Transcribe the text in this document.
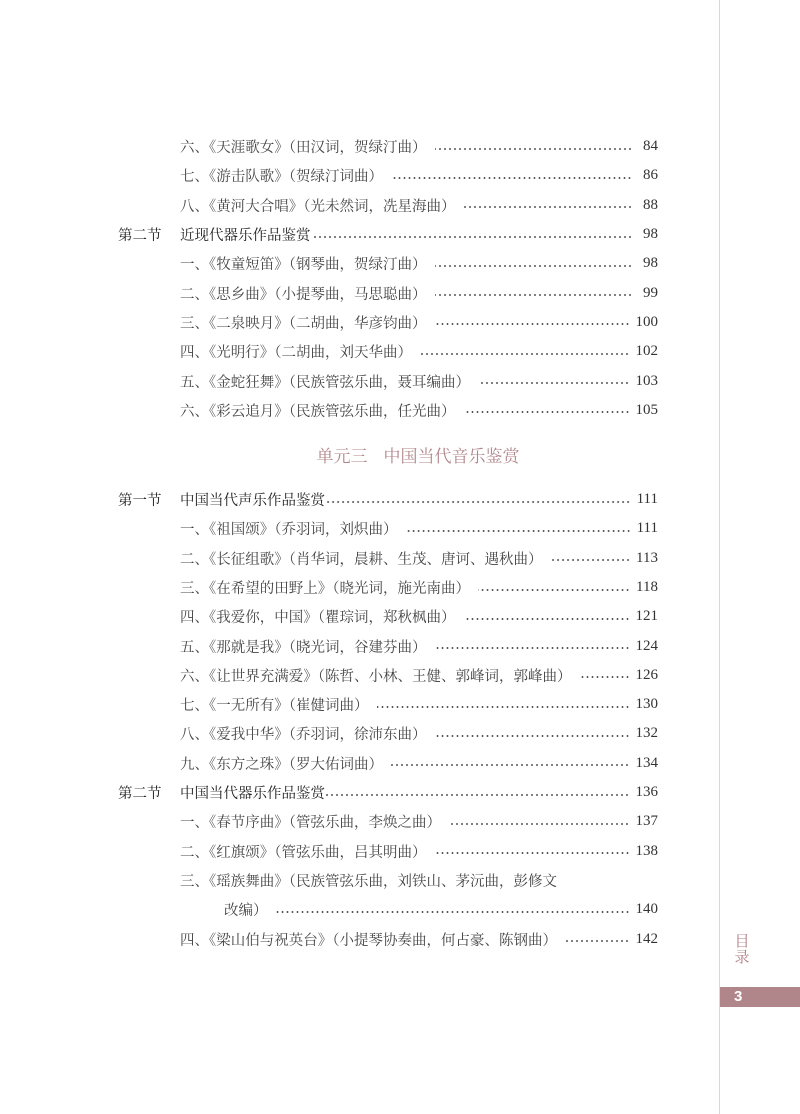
目录
3
六、《天涯歌女》（田汉词，贺绿汀曲）	84
七、《游击队歌》（贺绿汀词曲）	86
八、《黄河大合唱》（光未然词，冼星海曲）	88
第二节	近现代器乐作品鉴赏	98
一、《牧童短笛》（钢琴曲，贺绿汀曲）	98
二、《思乡曲》（小提琴曲，马思聪曲）	99
三、《二泉映月》（二胡曲，华彦钧曲）	100
四、《光明行》（二胡曲，刘天华曲）	102
五、《金蛇狂舞》（民族管弦乐曲，聂耳编曲）	103
六、《彩云追月》（民族管弦乐曲，任光曲）	105
单元三 中国当代音乐鉴赏
第一节	中国当代声乐作品鉴赏	111
一、《祖国颂》（乔羽词，刘炽曲）	111
二、《长征组歌》（肖华词，晨耕、生茂、唐诃、遇秋曲）	113
三、《在希望的田野上》（晓光词，施光南曲）	118
四、《我爱你，中国》（瞿琮词，郑秋枫曲）	121
五、《那就是我》（晓光词，谷建芬曲）	124
六、《让世界充满爱》（陈哲、小林、王健、郭峰词，郭峰曲）	126
七、《一无所有》（崔健词曲）	130
八、《爱我中华》（乔羽词，徐沛东曲）	132
九、《东方之珠》（罗大佑词曲）	134
第二节	中国当代器乐作品鉴赏	136
一、《春节序曲》（管弦乐曲，李焕之曲）	137
二、《红旗颂》（管弦乐曲，吕其明曲）	138
三、《瑶族舞曲》（民族管弦乐曲，刘铁山、茅沅曲，彭修文
改编）	140
四、《梁山伯与祝英台》（小提琴协奏曲，何占豪、陈钢曲）	142
